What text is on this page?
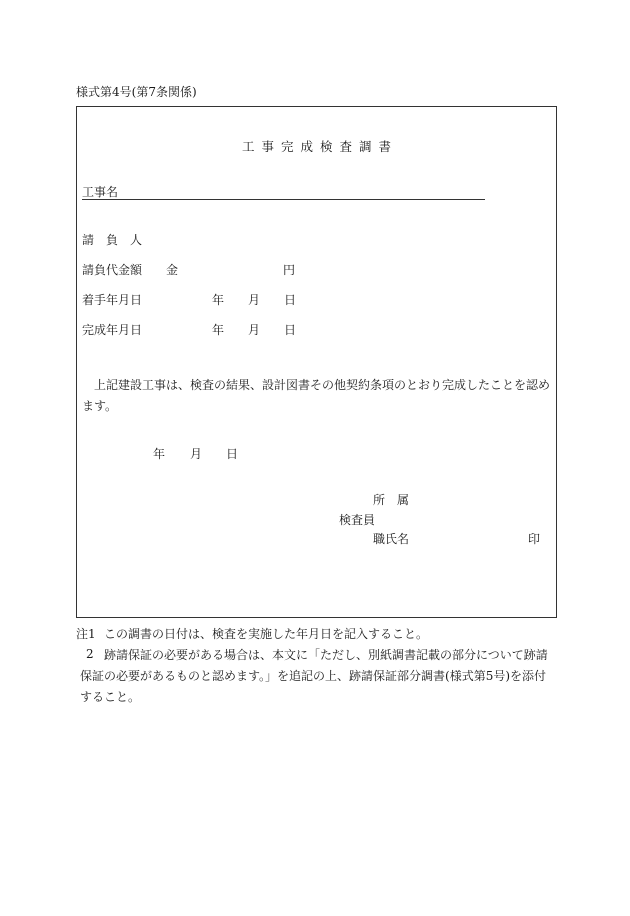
様式第4号(第7条関係)
工事完成検査調書
工事名
請　負　人
請負代金額 金	円
着手年月日	年 月 日
完成年月日	年 月 日
上記建設工事は、検査の結果、設計図書その他契約条項のとおり完成したことを認めます。
年 月 日
所　属
検査員
職氏名	印
注1 この調書の日付は、検査を実施した年月日を記入すること。
2 跡請保証の必要がある場合は、本文に「ただし、別紙調書記載の部分について跡請保証の必要があるものと認めます。」を追記の上、跡請保証部分調書(様式第5号)を添付すること。
